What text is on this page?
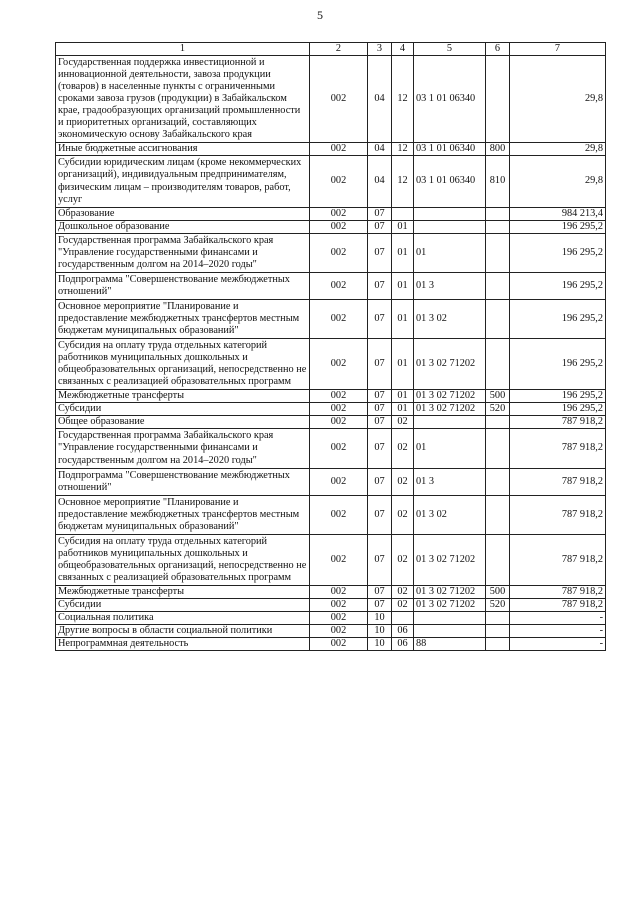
5
1	2	3	4	5	6	7
Государственная поддержка инвестиционной и инновационной деятельности, завоза продукции (товаров) в населенные пункты с ограниченными сроками завоза грузов (продукции) в Забайкальском крае, градообразующих организаций промышленности и приоритетных организаций, составляющих экономическую основу Забайкальского края	002	04	12	03 1 01 06340		29,8
Иные бюджетные ассигнования	002	04	12	03 1 01 06340	800	29,8
Субсидии юридическим лицам (кроме некоммерческих организаций), индивидуальным предпринимателям, физическим лицам – производителям товаров, работ, услуг	002	04	12	03 1 01 06340	810	29,8
Образование	002	07				984 213,4
Дошкольное образование	002	07	01			196 295,2
Государственная программа Забайкальского края "Управление государственными финансами и государственным долгом на 2014–2020 годы"	002	07	01	01		196 295,2
Подпрограмма "Совершенствование межбюджетных отношений"	002	07	01	01 3		196 295,2
Основное мероприятие "Планирование и предоставление межбюджетных трансфертов местным бюджетам муниципальных образований"	002	07	01	01 3 02		196 295,2
Субсидия на оплату труда отдельных категорий работников муниципальных дошкольных и общеобразовательных организаций, непосредственно не связанных с реализацией образовательных программ	002	07	01	01 3 02 71202		196 295,2
Межбюджетные трансферты	002	07	01	01 3 02 71202	500	196 295,2
Субсидии	002	07	01	01 3 02 71202	520	196 295,2
Общее образование	002	07	02			787 918,2
Государственная программа Забайкальского края "Управление государственными финансами и государственным долгом на 2014–2020 годы"	002	07	02	01		787 918,2
Подпрограмма "Совершенствование межбюджетных отношений"	002	07	02	01 3		787 918,2
Основное мероприятие "Планирование и предоставление межбюджетных трансфертов местным бюджетам муниципальных образований"	002	07	02	01 3 02		787 918,2
Субсидия на оплату труда отдельных категорий работников муниципальных дошкольных и общеобразовательных организаций, непосредственно не связанных с реализацией образовательных программ	002	07	02	01 3 02 71202		787 918,2
Межбюджетные трансферты	002	07	02	01 3 02 71202	500	787 918,2
Субсидии	002	07	02	01 3 02 71202	520	787 918,2
Социальная политика	002	10				-
Другие вопросы в области социальной политики	002	10	06			-
Непрограммная деятельность	002	10	06	88		-
